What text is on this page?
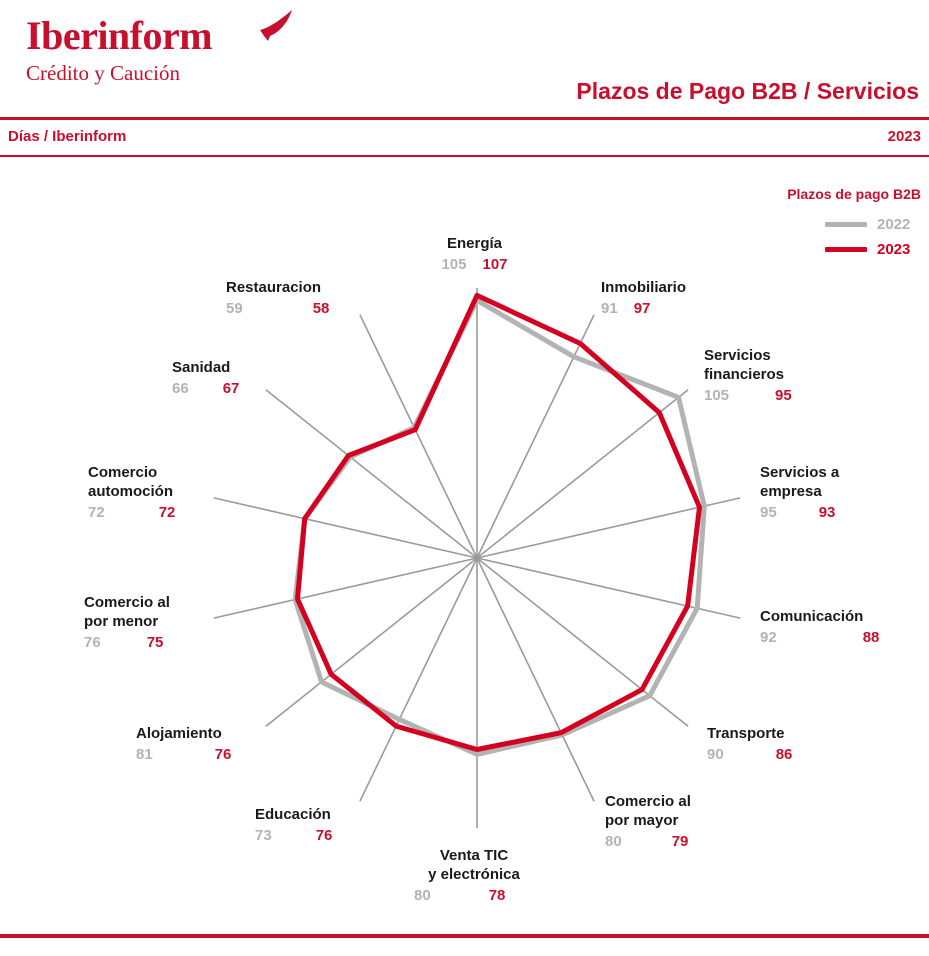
Iberinform
Crédito y Caución
Plazos de Pago B2B / Servicios
Días / Iberinform	2023
Plazos de pago B2B
2022
2023
Energía
105 107
Inmobiliario
91 97
Servicios
financieros
105	95
Servicios a
empresa
95	93
Comunicación
92	88
Transporte
90	86
Comercio al
por mayor
80	79
Venta TIC
y electrónica
80	78
Educación
73	76
Alojamiento
81	76
Comercio al
por menor
76	75
Comercio
automoción
72	72
Sanidad
66 67
Restauracion
59	58
